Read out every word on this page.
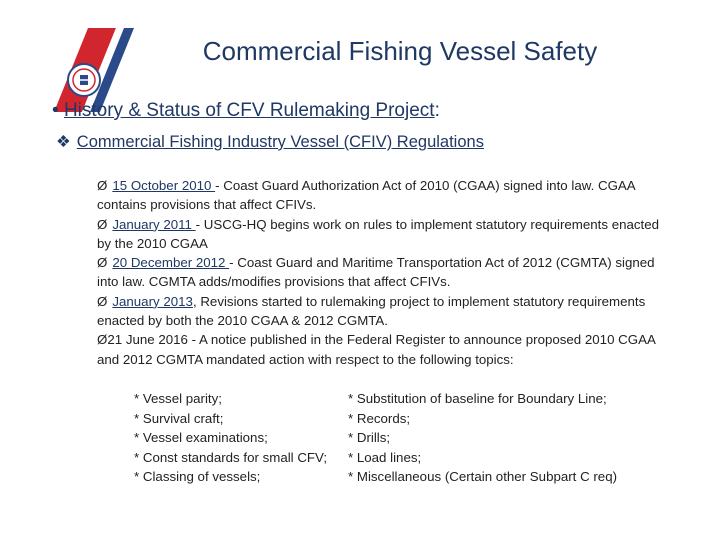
Commercial Fishing Vessel Safety
• History & Status of CFV Rulemaking Project:
❖ Commercial Fishing Industry Vessel (CFIV) Regulations

Ø 15 October 2010 - Coast Guard Authorization Act of 2010 (CGAA) signed into law. CGAA contains provisions that affect CFIVs.

Ø January 2011 - USCG-HQ begins work on rules to implement statutory requirements enacted by the 2010 CGAA

Ø 20 December 2012 - Coast Guard and Maritime Transportation Act of 2012 (CGMTA) signed into law. CGMTA adds/modifies provisions that affect CFIVs.

Ø January 2013, Revisions started to rulemaking project to implement statutory requirements enacted by both the 2010 CGAA & 2012 CGMTA.

Ø21 June 2016 - A notice published in the Federal Register to announce proposed 2010 CGAA and 2012 CGMTA mandated action with respect to the following topics:

* Vessel parity;	* Substitution of baseline for Boundary Line;
* Survival craft;	* Records;
* Vessel examinations;	* Drills;
* Const standards for small CFV;	* Load lines;
* Classing of vessels;	* Miscellaneous (Certain other Subpart C req)
